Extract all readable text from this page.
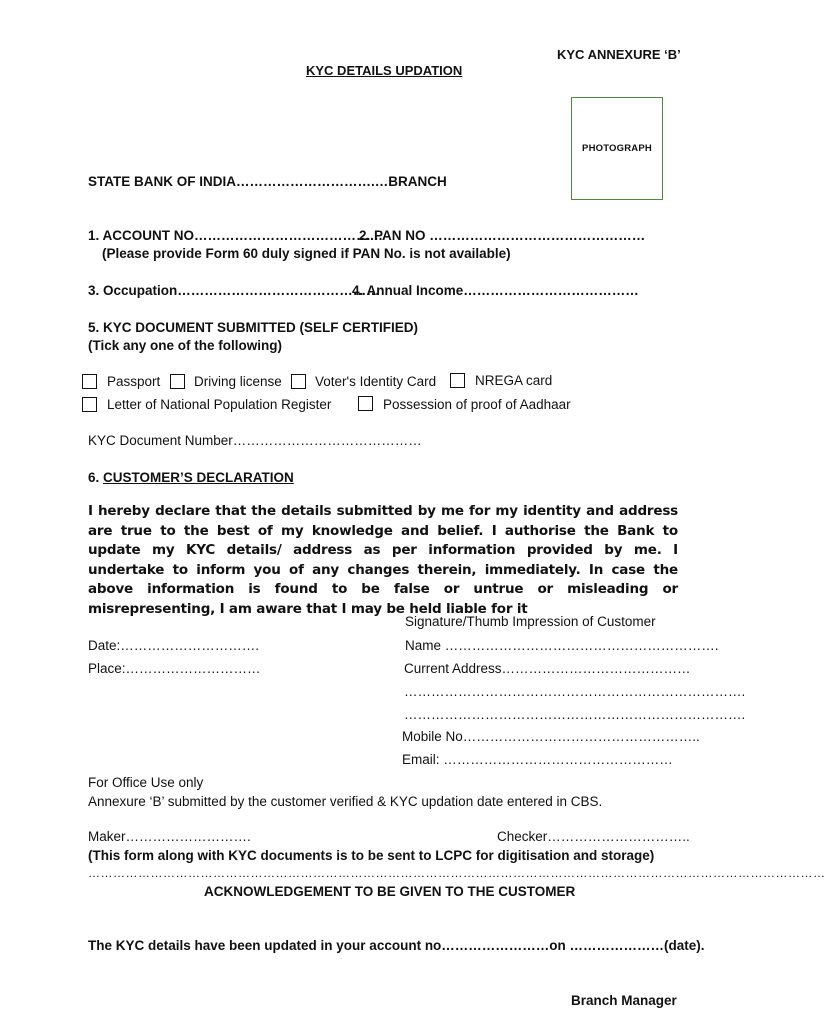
KYC ANNEXURE ‘B’
KYC DETAILS UPDATION
PHOTOGRAPH
STATE BANK OF INDIA………………………….…BRANCH
1. ACCOUNT NO……………………………………
2. PAN NO …………………………………………
(Please provide Form 60 duly signed if PAN No. is not available)
3. Occupation………………………………………
4. Annual Income…………………………………
5. KYC DOCUMENT SUBMITTED (SELF CERTIFIED)
(Tick any one of the following)
Passport Driving license Voter's Identity Card	NREGA card
Letter of National Population Register	Possession of proof of Aadhaar
KYC Document Number……………………………………
6. CUSTOMER’S DECLARATION
I hereby declare that the details submitted by me for my identity and address are true to the best of my knowledge and belief. I authorise the Bank to update my KYC details/ address as per information provided by me. I undertake to inform you of any changes therein, immediately. In case the above information is found to be false or untrue or misleading or misrepresenting, I am aware that I may be held liable for it
Signature/Thumb Impression of Customer
Date:………………………….	Name …………………………………………………….
Place:…………………………	Current Address……………………………………
………………………………………………………………….
………………………………………………………………….
Mobile No……………………………………………..
Email: ……………………………………………
For Office Use only
Annexure ‘B’ submitted by the customer verified & KYC updation date entered in CBS.
Maker……………………….	Checker…………………………..
(This form along with KYC documents is to be sent to LCPC for digitisation and storage)
……………………………………………………………………………………………………………………………………………………………
ACKNOWLEDGEMENT TO BE GIVEN TO THE CUSTOMER
The KYC details have been updated in your account no……………………on …………………(date).
Branch Manager
